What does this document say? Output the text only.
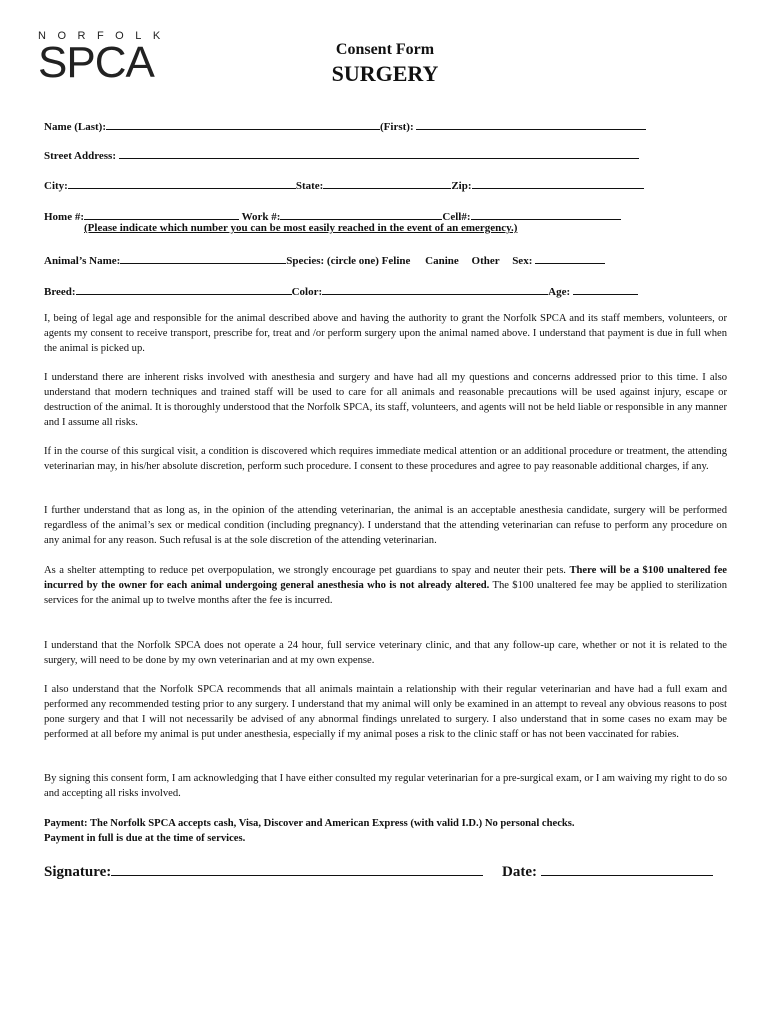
NORFOLK
SPCA	Consent Form
SURGERY
Name (Last):	(First):
Street Address:
City:	State:	Zip:
Home #:	Work #:	Cell#:
(Please indicate which number you can be most easily reached in the event of an emergency.)
Animal’s Name:	Species: (circle one) Feline Canine Other Sex:
Breed:	Color:	Age:

I, being of legal age and responsible for the animal described above and having the authority to grant the Norfolk SPCA and its staff members, volunteers, or agents my consent to receive transport, prescribe for, treat and /or perform surgery upon the animal named above. I understand that payment is due in full when the animal is picked up.

I understand there are inherent risks involved with anesthesia and surgery and have had all my questions and concerns addressed prior to this time. I also understand that modern techniques and trained staff will be used to care for all animals and reasonable precautions will be used against injury, escape or destruction of the animal. It is thoroughly understood that the Norfolk SPCA, its staff, volunteers, and agents will not be held liable or responsible in any manner and I assume all risks.

If in the course of this surgical visit, a condition is discovered which requires immediate medical attention or an additional procedure or treatment, the attending veterinarian may, in his/her absolute discretion, perform such procedure. I consent to these procedures and agree to pay reasonable additional charges, if any.

I further understand that as long as, in the opinion of the attending veterinarian, the animal is an acceptable anesthesia candidate, surgery will be performed regardless of the animal’s sex or medical condition (including pregnancy). I understand that the attending veterinarian can refuse to perform any procedure on any animal for any reason. Such refusal is at the sole discretion of the attending veterinarian.

As a shelter attempting to reduce pet overpopulation, we strongly encourage pet guardians to spay and neuter their pets. There will be a $100 unaltered fee incurred by the owner for each animal undergoing general anesthesia who is not already altered. The $100 unaltered fee may be applied to sterilization services for the animal up to twelve months after the fee is incurred.

I understand that the Norfolk SPCA does not operate a 24 hour, full service veterinary clinic, and that any follow-up care, whether or not it is related to the surgery, will need to be done by my own veterinarian and at my own expense.

I also understand that the Norfolk SPCA recommends that all animals maintain a relationship with their regular veterinarian and have had a full exam and performed any recommended testing prior to any surgery. I understand that my animal will only be examined in an attempt to reveal any obvious reasons to post pone surgery and that I will not necessarily be advised of any abnormal findings unrelated to surgery. I also understand that in some cases no exam may be performed at all before my animal is put under anesthesia, especially if my animal poses a risk to the clinic staff or has not been vaccinated for rabies.

By signing this consent form, I am acknowledging that I have either consulted my regular veterinarian for a pre-surgical exam, or I am waiving my right to do so and accepting all risks involved.

Payment: The Norfolk SPCA accepts cash, Visa, Discover and American Express (with valid I.D.) No personal checks.
Payment in full is due at the time of services.

Signature:	Date:
